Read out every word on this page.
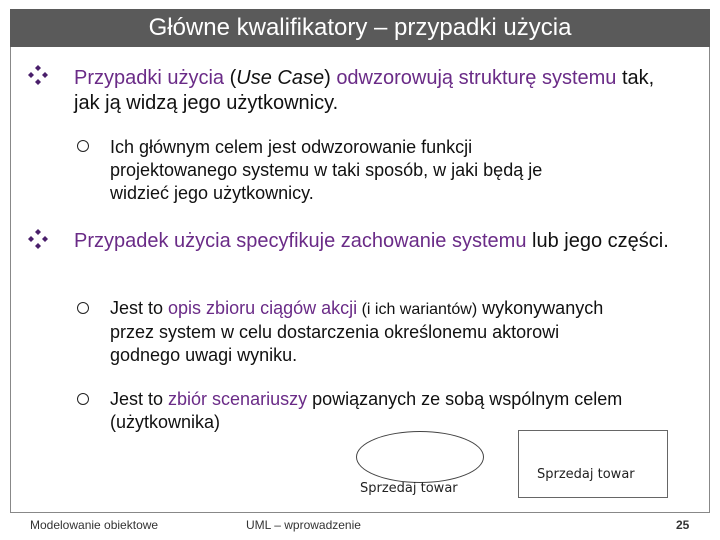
Główne kwalifikatory – przypadki użycia
Przypadki użycia (Use Case) odwzorowują strukturę systemu tak, jak ją widzą jego użytkownicy.
Ich głównym celem jest odwzorowanie funkcji projektowanego systemu w taki sposób, w jaki będą je widzieć jego użytkownicy.
Przypadek użycia specyfikuje zachowanie systemu lub jego części.
Jest to opis zbioru ciągów akcji (i ich wariantów) wykonywanych przez system w celu dostarczenia określonemu aktorowi godnego uwagi wyniku.
Jest to zbiór scenariuszy powiązanych ze sobą wspólnym celem (użytkownika)
Sprzedaj towar
Sprzedaj towar
Modelowanie obiektowe	UML – wprowadzenie	25
